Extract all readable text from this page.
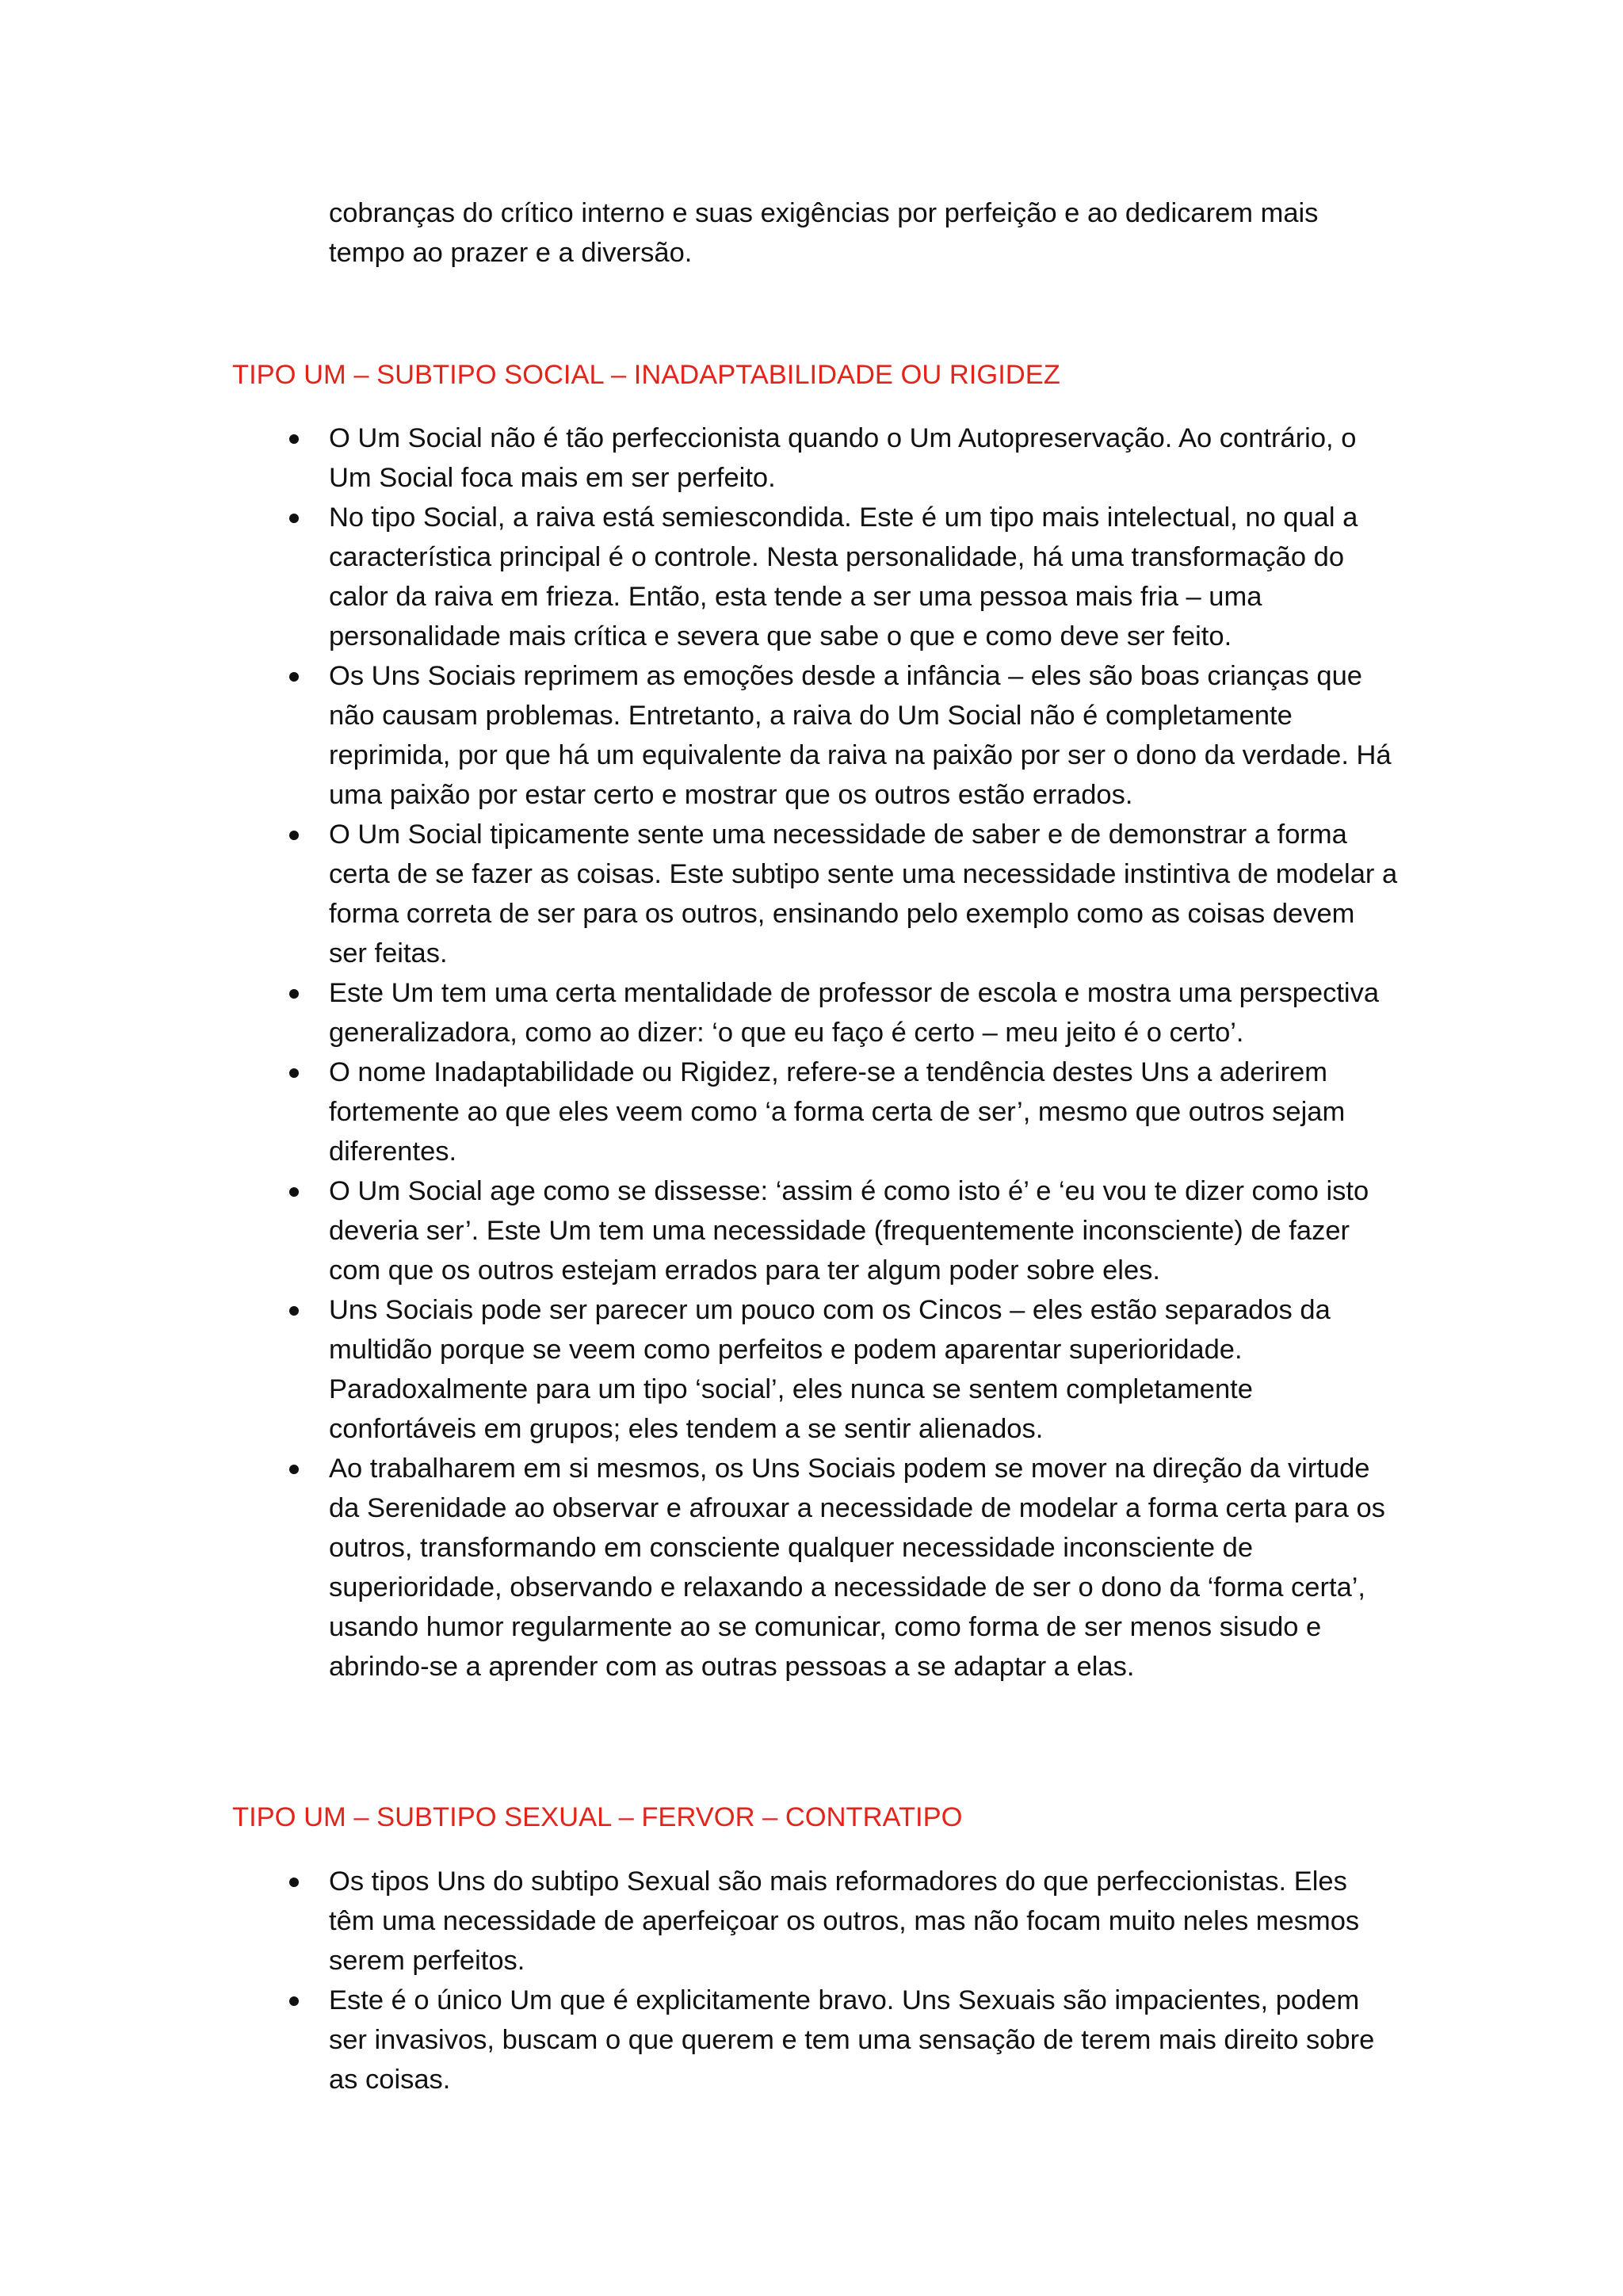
cobranças do crítico interno e suas exigências por perfeição e ao dedicarem mais tempo ao prazer e a diversão.

TIPO UM – SUBTIPO SOCIAL – INADAPTABILIDADE OU RIGIDEZ
O Um Social não é tão perfeccionista quando o Um Autopreservação. Ao contrário, o Um Social foca mais em ser perfeito.
No tipo Social, a raiva está semiescondida. Este é um tipo mais intelectual, no qual a característica principal é o controle. Nesta personalidade, há uma transformação do calor da raiva em frieza. Então, esta tende a ser uma pessoa mais fria – uma personalidade mais crítica e severa que sabe o que e como deve ser feito.
Os Uns Sociais reprimem as emoções desde a infância – eles são boas crianças que não causam problemas. Entretanto, a raiva do Um Social não é completamente reprimida, por que há um equivalente da raiva na paixão por ser o dono da verdade. Há uma paixão por estar certo e mostrar que os outros estão errados.
O Um Social tipicamente sente uma necessidade de saber e de demonstrar a forma certa de se fazer as coisas. Este subtipo sente uma necessidade instintiva de modelar a forma correta de ser para os outros, ensinando pelo exemplo como as coisas devem ser feitas.
Este Um tem uma certa mentalidade de professor de escola e mostra uma perspectiva generalizadora, como ao dizer: ‘o que eu faço é certo – meu jeito é o certo’.
O nome Inadaptabilidade ou Rigidez, refere-se a tendência destes Uns a aderirem fortemente ao que eles veem como ‘a forma certa de ser’, mesmo que outros sejam diferentes.
O Um Social age como se dissesse: ‘assim é como isto é’ e ‘eu vou te dizer como isto deveria ser’. Este Um tem uma necessidade (frequentemente inconsciente) de fazer com que os outros estejam errados para ter algum poder sobre eles.
Uns Sociais pode ser parecer um pouco com os Cincos – eles estão separados da multidão porque se veem como perfeitos e podem aparentar superioridade. Paradoxalmente para um tipo ‘social’, eles nunca se sentem completamente confortáveis em grupos; eles tendem a se sentir alienados.
Ao trabalharem em si mesmos, os Uns Sociais podem se mover na direção da virtude da Serenidade ao observar e afrouxar a necessidade de modelar a forma certa para os outros, transformando em consciente qualquer necessidade inconsciente de superioridade, observando e relaxando a necessidade de ser o dono da ‘forma certa’, usando humor regularmente ao se comunicar, como forma de ser menos sisudo e abrindo-se a aprender com as outras pessoas a se adaptar a elas.
TIPO UM – SUBTIPO SEXUAL – FERVOR – CONTRATIPO
Os tipos Uns do subtipo Sexual são mais reformadores do que perfeccionistas. Eles têm uma necessidade de aperfeiçoar os outros, mas não focam muito neles mesmos serem perfeitos.
Este é o único Um que é explicitamente bravo. Uns Sexuais são impacientes, podem ser invasivos, buscam o que querem e tem uma sensação de terem mais direito sobre as coisas.
